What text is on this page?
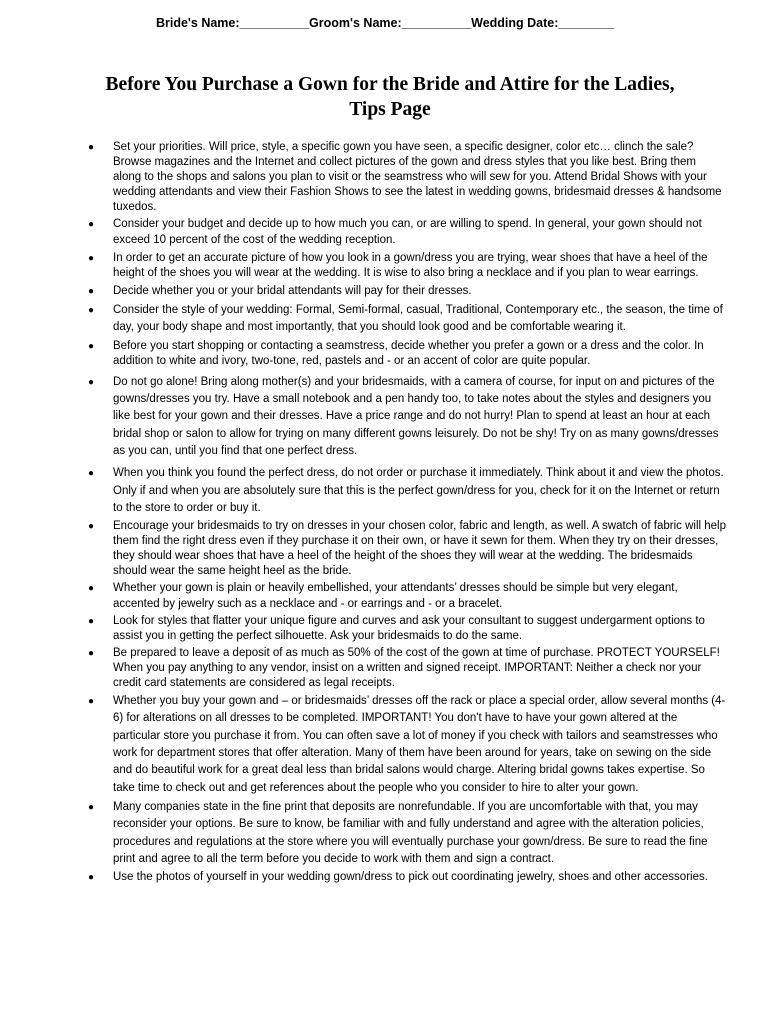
Bride's Name:__________Groom's Name:__________Wedding Date:________
Before You Purchase a Gown for the Bride and Attire for the Ladies, Tips Page
● Set your priorities. Will price, style, a specific gown you have seen, a specific designer, color etc… clinch the sale? Browse magazines and the Internet and collect pictures of the gown and dress styles that you like best. Bring them along to the shops and salons you plan to visit or the seamstress who will sew for you. Attend Bridal Shows with your wedding attendants and view their Fashion Shows to see the latest in wedding gowns, bridesmaid dresses & handsome tuxedos.
● Consider your budget and decide up to how much you can, or are willing to spend. In general, your gown should not exceed 10 percent of the cost of the wedding reception.
● In order to get an accurate picture of how you look in a gown/dress you are trying, wear shoes that have a heel of the height of the shoes you will wear at the wedding. It is wise to also bring a necklace and if you plan to wear earrings.
● Decide whether you or your bridal attendants will pay for their dresses.
● Consider the style of your wedding: Formal, Semi-formal, casual, Traditional, Contemporary etc., the season, the time of day, your body shape and most importantly, that you should look good and be comfortable wearing it.
● Before you start shopping or contacting a seamstress, decide whether you prefer a gown or a dress and the color. In addition to white and ivory, two-tone, red, pastels and - or an accent of color are quite popular.
● Do not go alone! Bring along mother(s) and your bridesmaids, with a camera of course, for input on and pictures of the gowns/dresses you try. Have a small notebook and a pen handy too, to take notes about the styles and designers you like best for your gown and their dresses. Have a price range and do not hurry! Plan to spend at least an hour at each bridal shop or salon to allow for trying on many different gowns leisurely. Do not be shy! Try on as many gowns/dresses as you can, until you find that one perfect dress.
● When you think you found the perfect dress, do not order or purchase it immediately. Think about it and view the photos. Only if and when you are absolutely sure that this is the perfect gown/dress for you, check for it on the Internet or return to the store to order or buy it.
● Encourage your bridesmaids to try on dresses in your chosen color, fabric and length, as well. A swatch of fabric will help them find the right dress even if they purchase it on their own, or have it sewn for them. When they try on their dresses, they should wear shoes that have a heel of the height of the shoes they will wear at the wedding. The bridesmaids should wear the same height heel as the bride.
● Whether your gown is plain or heavily embellished, your attendants’ dresses should be simple but very elegant, accented by jewelry such as a necklace and - or earrings and - or a bracelet.
● Look for styles that flatter your unique figure and curves and ask your consultant to suggest undergarment options to assist you in getting the perfect silhouette. Ask your bridesmaids to do the same.
● Be prepared to leave a deposit of as much as 50% of the cost of the gown at time of purchase. PROTECT YOURSELF! When you pay anything to any vendor, insist on a written and signed receipt. IMPORTANT: Neither a check nor your credit card statements are considered as legal receipts.
● Whether you buy your gown and – or bridesmaids’ dresses off the rack or place a special order, allow several months (4-6) for alterations on all dresses to be completed. IMPORTANT! You don't have to have your gown altered at the particular store you purchase it from. You can often save a lot of money if you check with tailors and seamstresses who work for department stores that offer alteration. Many of them have been around for years, take on sewing on the side and do beautiful work for a great deal less than bridal salons would charge. Altering bridal gowns takes expertise. So take time to check out and get references about the people who you consider to hire to alter your gown.
● Many companies state in the fine print that deposits are nonrefundable. If you are uncomfortable with that, you may reconsider your options. Be sure to know, be familiar with and fully understand and agree with the alteration policies, procedures and regulations at the store where you will eventually purchase your gown/dress. Be sure to read the fine print and agree to all the term before you decide to work with them and sign a contract.
● Use the photos of yourself in your wedding gown/dress to pick out coordinating jewelry, shoes and other accessories.
